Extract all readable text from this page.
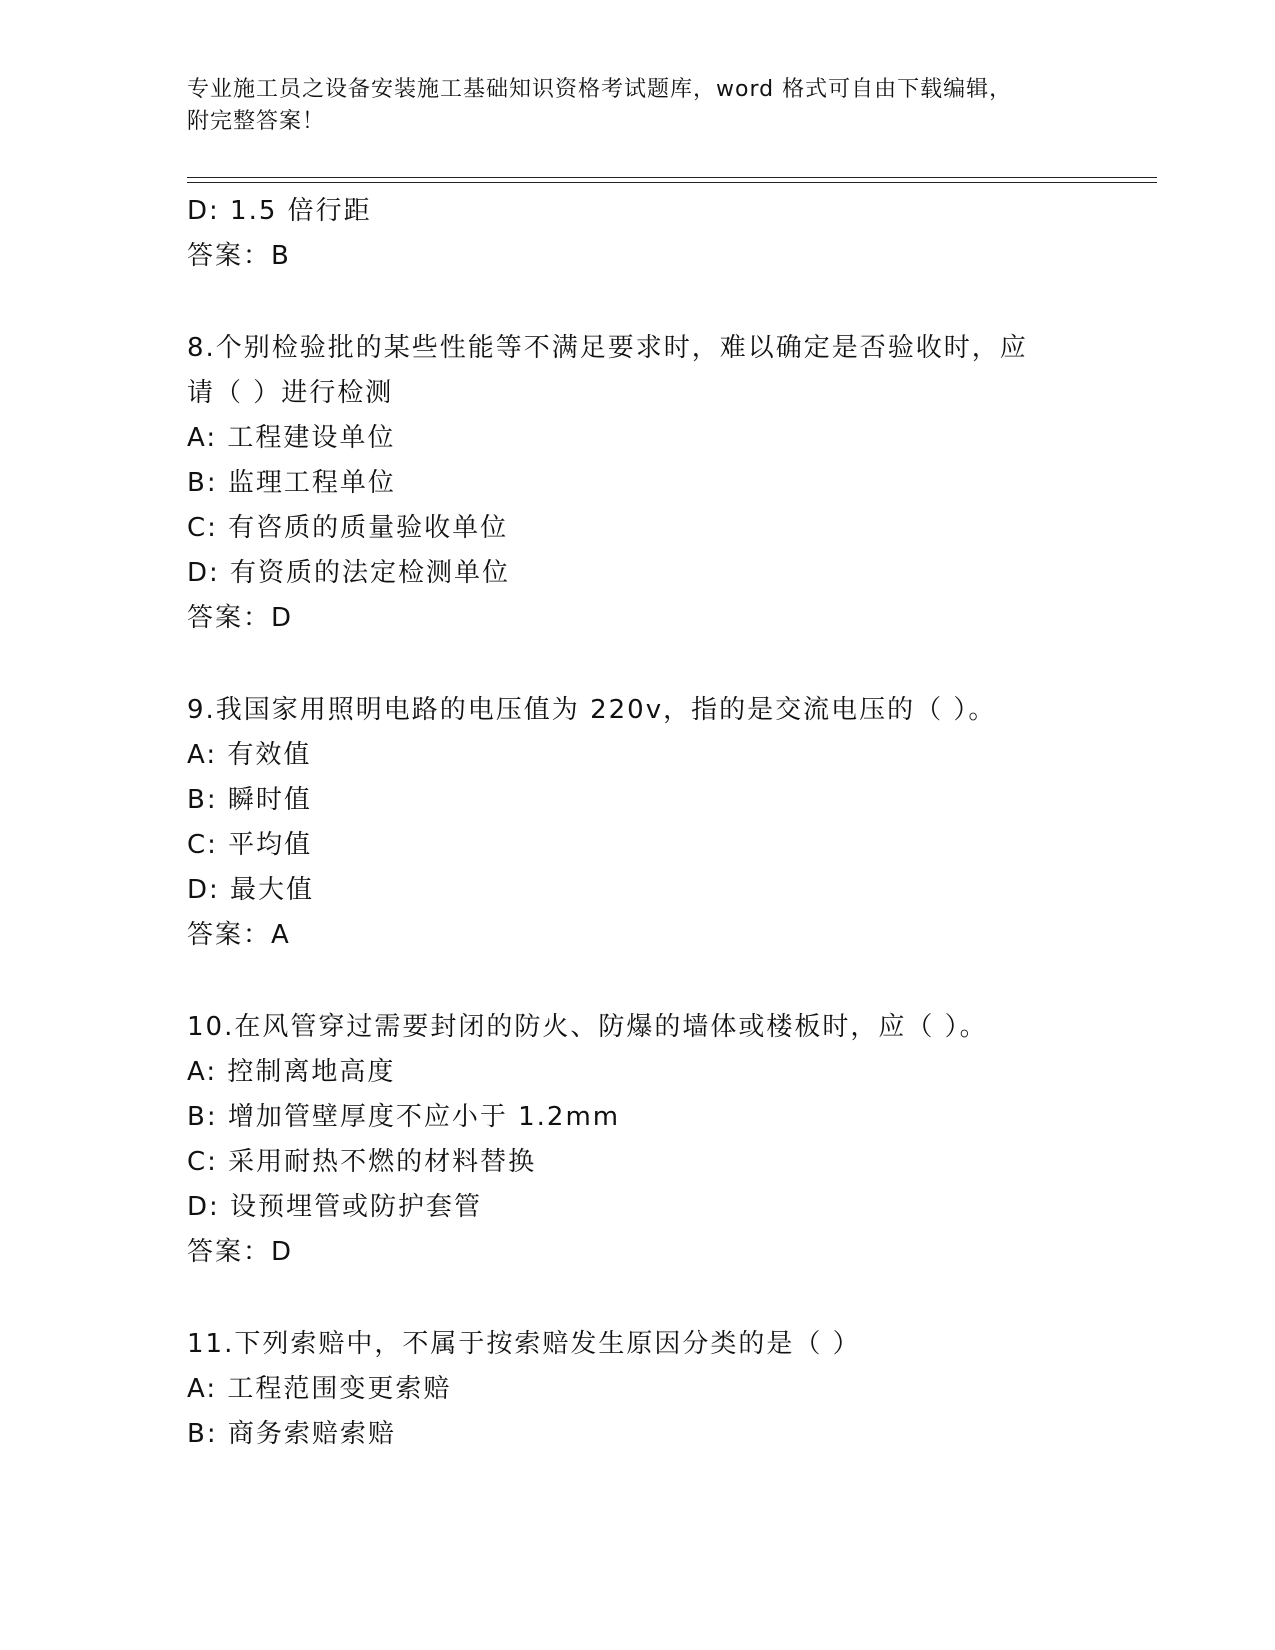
专业施工员之设备安装施工基础知识资格考试题库，word 格式可自由下载编辑，
附完整答案！
D: 1.5 倍行距
答案：B
8.个别检验批的某些性能等不满足要求时，难以确定是否验收时，应
请（ ）进行检测
A: 工程建设单位
B: 监理工程单位
C: 有咨质的质量验收单位
D: 有资质的法定检测单位
答案：D
9.我国家用照明电路的电压值为 220v，指的是交流电压的（ ）。
A: 有效值
B: 瞬时值
C: 平均值
D: 最大值
答案：A
10.在风管穿过需要封闭的防火、防爆的墙体或楼板时，应（ ）。
A: 控制离地高度
B: 增加管壁厚度不应小于 1.2mm
C: 采用耐热不燃的材料替换
D: 设预埋管或防护套管
答案：D
11.下列索赔中，不属于按索赔发生原因分类的是（ ）
A: 工程范围变更索赔
B: 商务索赔索赔
